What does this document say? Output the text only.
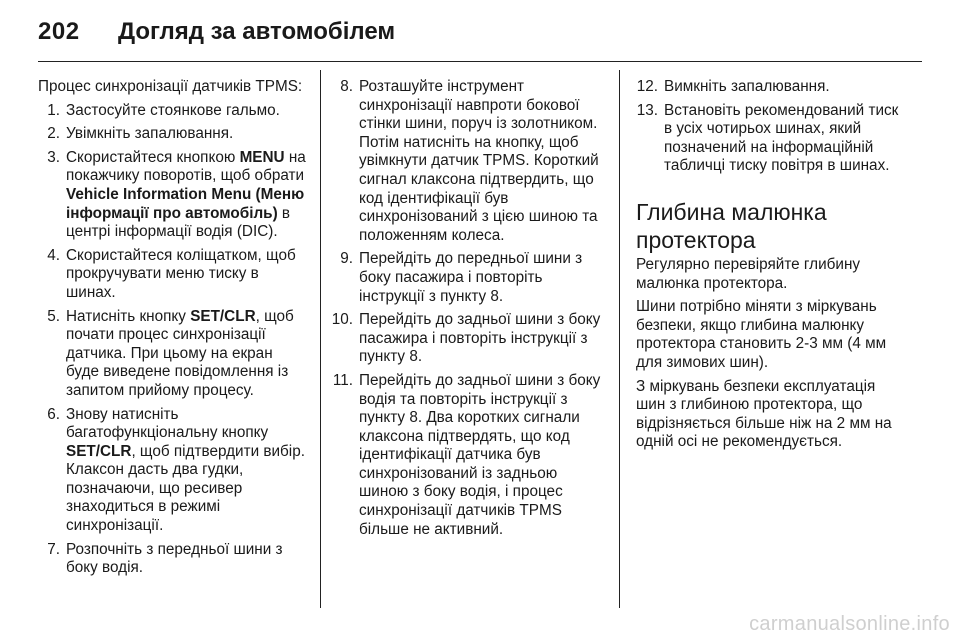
202 Догляд за автомобілем

Процес синхронізації датчиків TPMS:

1. Застосуйте стоянкове гальмо.
2. Увімкніть запалювання.
3. Скористайтеся кнопкою MENU на покажчику поворотів, щоб обрати Vehicle Information Menu (Меню інформації про автомобіль) в центрі інформації водія (DIC).
4. Скористайтеся коліщатком, щоб прокручувати меню тиску в шинах.
5. Натисніть кнопку SET/CLR, щоб почати процес синхронізації датчика. При цьому на екран буде виведене повідомлення із запитом прийому процесу.
6. Знову натисніть багатофункціональну кнопку SET/CLR, щоб підтвердити вибір. Клаксон дасть два гудки, позначаючи, що ресивер знаходиться в режимі синхронізації.
7. Розпочніть з передньої шини з боку водія.
8. Розташуйте інструмент синхронізації навпроти бокової стінки шини, поруч із золотником. Потім натисніть на кнопку, щоб увімкнути датчик TPMS. Короткий сигнал клаксона підтвердить, що код ідентифікації був синхронізований з цією шиною та положенням колеса.
9. Перейдіть до передньої шини з боку пасажира і повторіть інструкції з пункту 8.
10. Перейдіть до задньої шини з боку пасажира і повторіть інструкції з пункту 8.
11. Перейдіть до задньої шини з боку водія та повторіть інструкції з пункту 8. Два коротких сигнали клаксона підтвердять, що код ідентифікації датчика був синхронізований із задньою шиною з боку водія, і процес синхронізації датчиків TPMS більше не активний.
12. Вимкніть запалювання.
13. Встановіть рекомендований тиск в усіх чотирьох шинах, який позначений на інформаційній табличці тиску повітря в шинах.
Глибина малюнка протектора

Регулярно перевіряйте глибину малюнка протектора.

Шини потрібно міняти з міркувань безпеки, якщо глибина малюнку протектора становить 2-3 мм (4 мм для зимових шин).

З міркувань безпеки експлуатація шин з глибиною протектора, що відрізняється більше ніж на 2 мм на одній осі не рекомендується.

carmanualsonline.info
